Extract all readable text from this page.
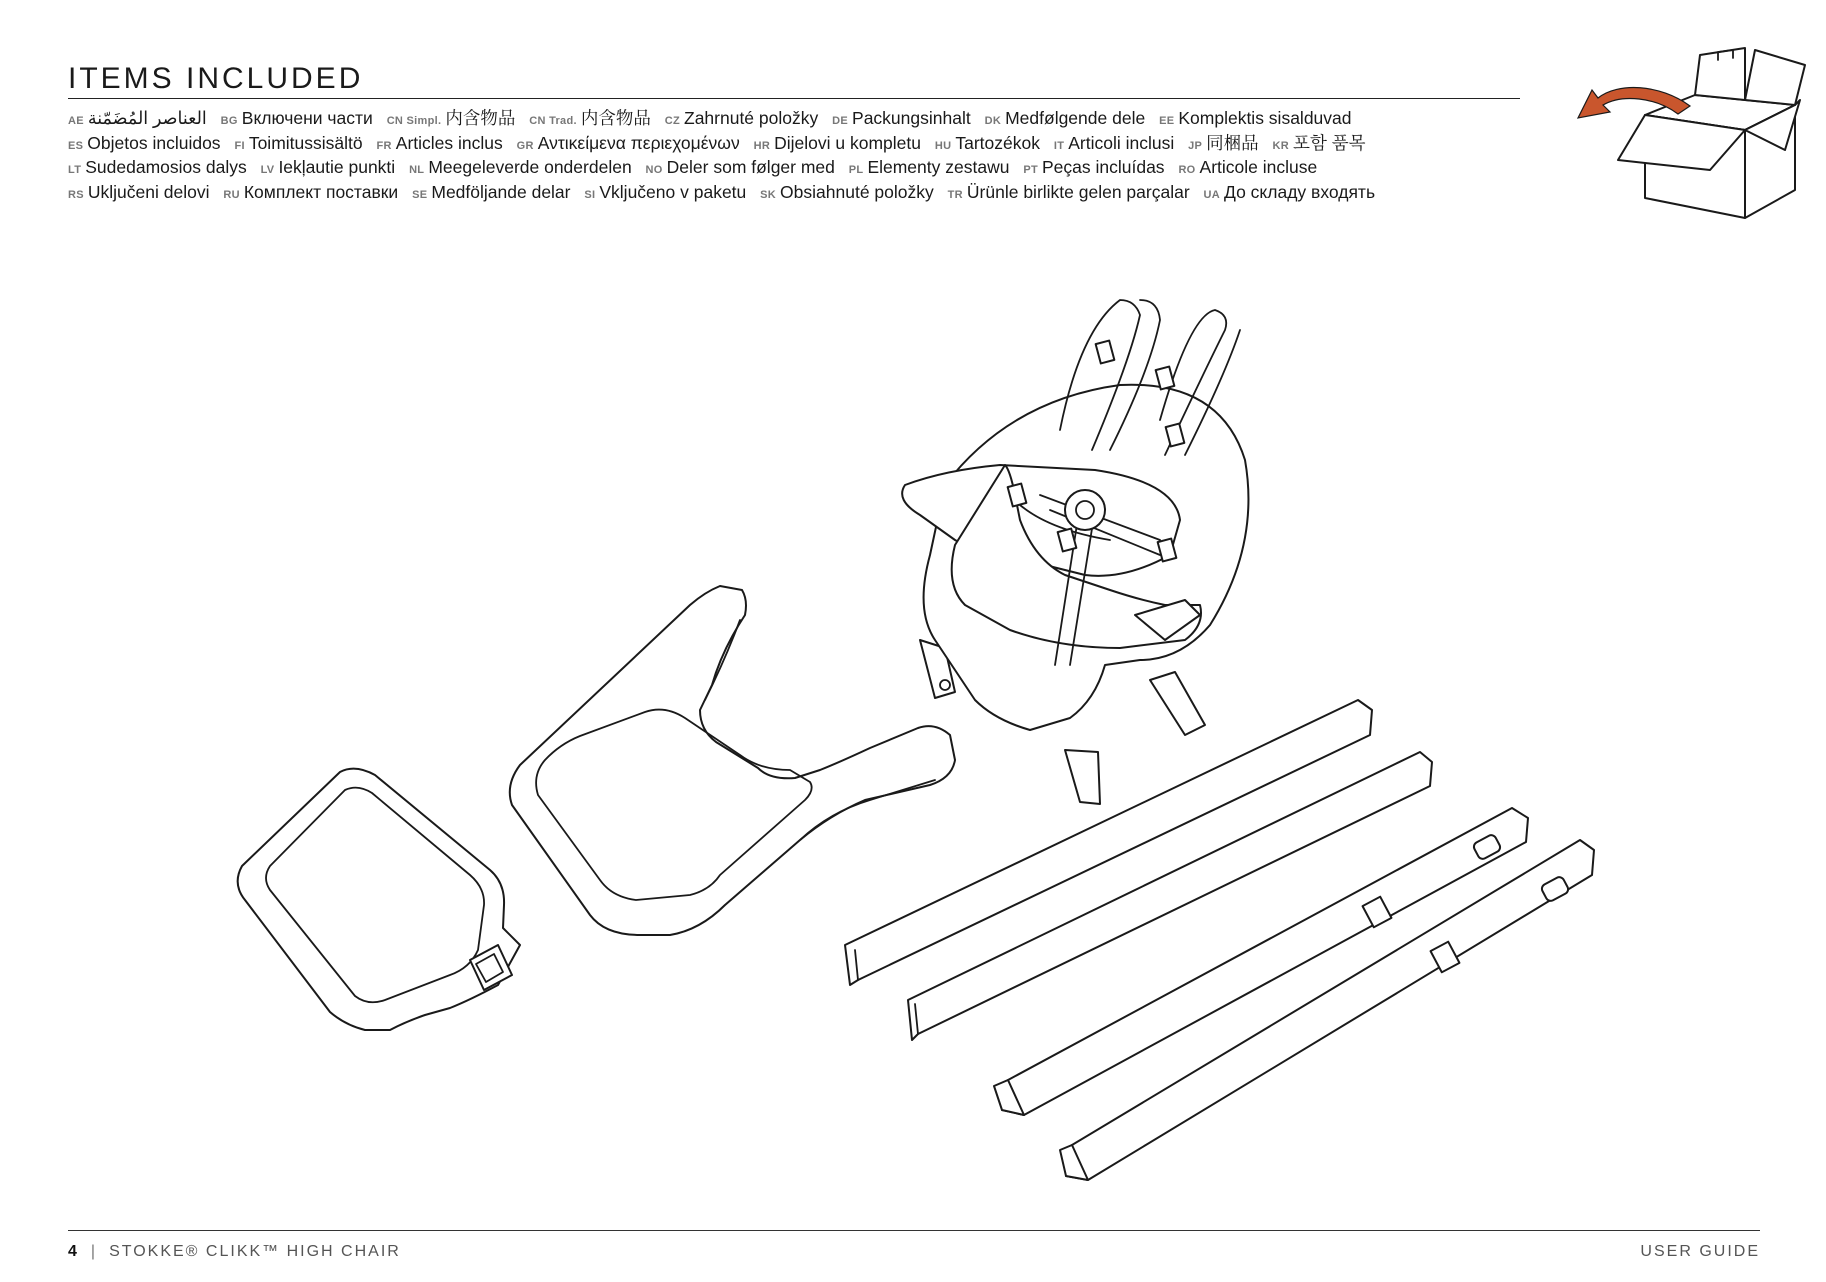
ITEMS INCLUDED
AE العناصر المُضَمّنة BG Включени части CN Simpl. 内含物品 CN Trad. 内含物品 CZ Zahrnuté položky DE Packungsinhalt DK Medfølgende dele EE Komplektis sisalduvad ES Objetos incluidos FI Toimitussisältö FR Articles inclus GR Αντικείμενα περιεχομένων HR Dijelovi u kompletu HU Tartozékok IT Articoli inclusi JP 同梱品 KR 포함 품목 LT Sudedamosios dalys LV Iekļautie punkti NL Meegeleverde onderdelen NO Deler som følger med PL Elementy zestawu PT Peças incluídas RO Articole incluse RS Uključeni delovi RU Комплект поставки SE Medföljande delar SI Vključeno v paketu SK Obsiahnuté položky TR Ürünle birlikte gelen parçalar UA До складу входять
4 | STOKKE® CLIKK™ HIGH CHAIR	USER GUIDE
